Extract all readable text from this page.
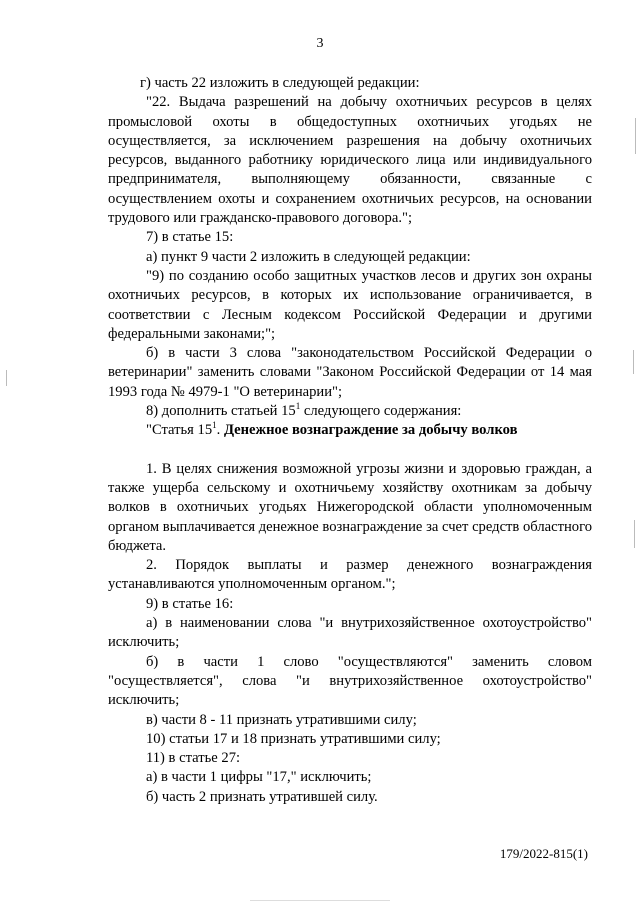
3

г) часть 22 изложить в следующей редакции:

"22. Выдача разрешений на добычу охотничьих ресурсов в целях промысловой охоты в общедоступных охотничьих угодьях не осуществляется, за исключением разрешения на добычу охотничьих ресурсов, выданного работнику юридического лица или индивидуального предпринимателя, выполняющему обязанности, связанные с осуществлением охоты и сохранением охотничьих ресурсов, на основании трудового или гражданско-правового договора.";

7) в статье 15:

а) пункт 9 части 2 изложить в следующей редакции:

"9) по созданию особо защитных участков лесов и других зон охраны охотничьих ресурсов, в которых их использование ограничивается, в соответствии с Лесным кодексом Российской Федерации и другими федеральными законами;";

б) в части 3 слова "законодательством Российской Федерации о ветеринарии" заменить словами "Законом Российской Федерации от 14 мая 1993 года № 4979-1 "О ветеринарии";

8) дополнить статьей $15^1$ следующего содержания:

"Статья $15^1$. Денежное вознаграждение за добычу волков

1. В целях снижения возможной угрозы жизни и здоровью граждан, а также ущерба сельскому и охотничьему хозяйству охотникам за добычу волков в охотничьих угодьях Нижегородской области уполномоченным органом выплачивается денежное вознаграждение за счет средств областного бюджета.

2. Порядок выплаты и размер денежного вознаграждения устанавливаются уполномоченным органом.";

9) в статье 16:

а) в наименовании слова "и внутрихозяйственное охотоустройство" исключить;

б) в части 1 слово "осуществляются" заменить словом "осуществляется", слова "и внутрихозяйственное охотоустройство" исключить;

в) части 8 - 11 признать утратившими силу;

10) статьи 17 и 18 признать утратившими силу;

11) в статье 27:

а) в части 1 цифры "17," исключить;

б) часть 2 признать утратившей силу.

179/2022-815(1)
